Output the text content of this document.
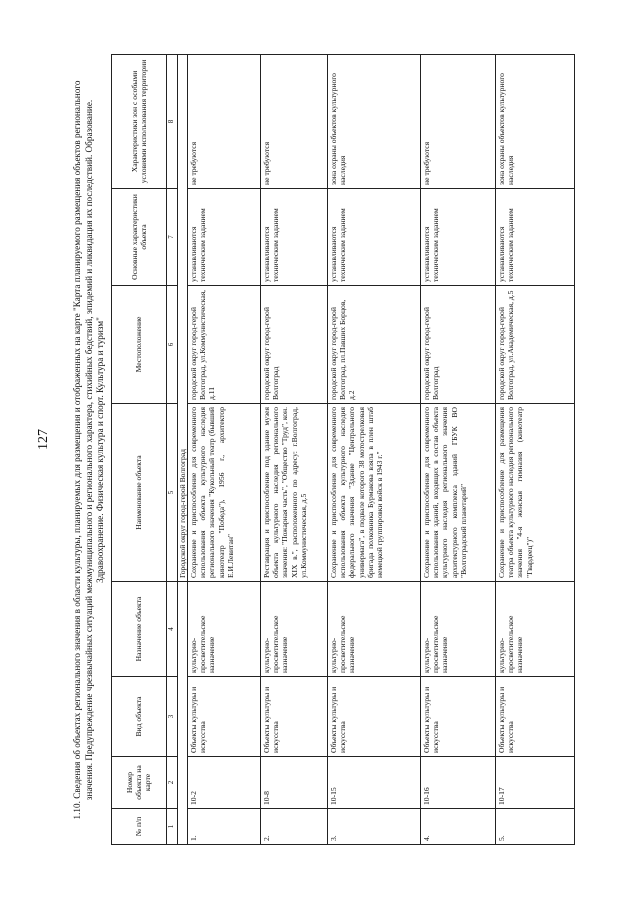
127 1.10. Сведения об объектах регионального значения в области культуры, планируемых для размещения и отображенных на карте "Карта планируемого размещения объектов регионального значения. Предупреждение чрезвычайных ситуаций межмуниципального и регионального характера, стихийных бедствий, эпидемий и ликвидация их последствий. Образование. Здравоохранение. Физическая культура и спорт. Культура и туризм"

№ п/п	Номер объекта на карте	Вид объекта	Назначение объекта	Наименование объекта	Местоположение	Основные характеристики объекта	Характеристики зон с особыми условиями использования территории
1	2	3	4	5	6	7	8
				Городской округ город-герой Волгоград			
1.	10-2	Объекты культуры и искусства	культурно-просветительское назначение	Сохранение и приспособление для современного использования объекта культурного наследия регионального значения "Кукольный театр (бывший кинотеатр "Победа"), 1956 г., архитектор Е.И.Левитан"	городской округ город-герой Волгоград, ул.Коммунистическая, д.11	устанавливаются техническим заданием	не требуются
2.	10-8	Объекты культуры и искусства	культурно-просветительское назначение	Реставрация и приспособление под здание музея объекта культурного наследия регионального значения: "Пожарная часть", "Общество "Труд", кон. XIX в.", расположенного по адресу: г.Волгоград, ул.Коммунистическая, д.5	городской округ город-герой Волгоград	устанавливаются техническим заданием	не требуются
3.	10-15	Объекты культуры и искусства	культурно-просветительское назначение	Сохранение и приспособление для современного использования объекта культурного наследия федерального значения "Здание "Центрального универмага", в подвале которого 38 мотострелковая бригада полковника Бурмакова взяла в плен штаб немецкой группировки войск в 1943 г."	городской округ город-герой Волгоград, пл.Павших Борцов, д.2	устанавливаются техническим заданием	зона охраны объектов культурного наследия
4.	10-16	Объекты культуры и искусства	культурно-просветительское назначение	Сохранение и приспособление для современного использования зданий, входящих в состав объекта культурного наследия регионального значения архитектурного комплекса зданий ГБУК ВО "Волгоградский планетарий"	городской округ город-герой Волгоград	устанавливаются техническим заданием	не требуются
5.	10-17	Объекты культуры и искусства	культурно-просветительское назначение	Сохранение и приспособление для размещения театра объекта культурного наследия регионального значения "4-я женская гимназия (кинотеатр "Гвардеец")"	городской округ город-герой Волгоград, ул.Академическая, д.5	устанавливаются техническим заданием	зона охраны объектов культурного наследия
